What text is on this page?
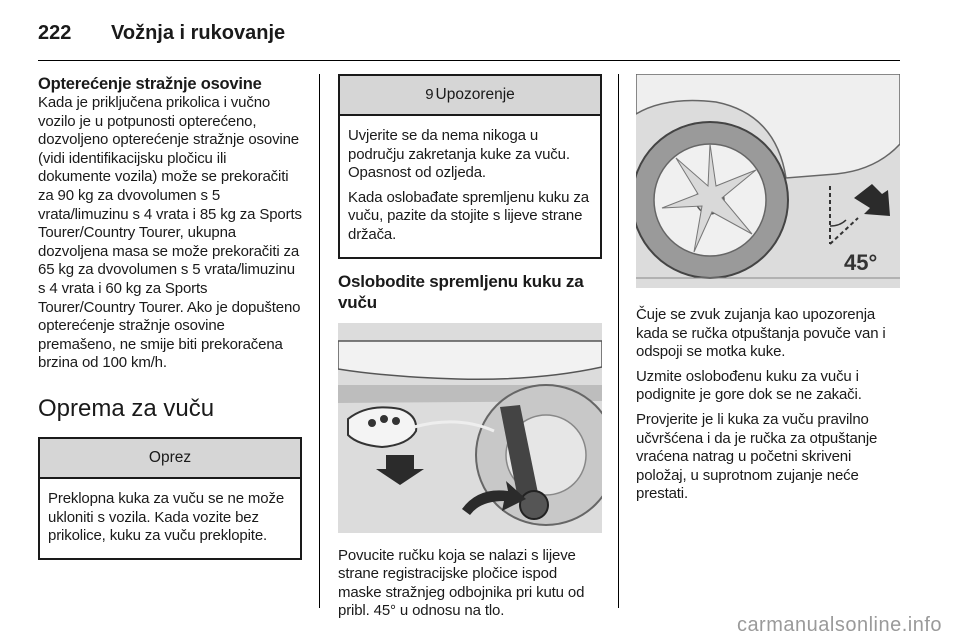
222 Vožnja i rukovanje
Opterećenje stražnje osovine
Kada je priključena prikolica i vučno vozilo je u potpunosti opterećeno, dozvoljeno opterećenje stražnje osovine (vidi identifikacijsku pločicu ili dokumente vozila) može se prekoračiti za 90 kg za dvovolumen s 5 vrata/limuzinu s 4 vrata i 85 kg za Sports Tourer/Country Tourer, ukupna dozvoljena masa se može prekoračiti za 65 kg za dvovolumen s 5 vrata/limuzinu s 4 vrata i 60 kg za Sports Tourer/Country Tourer. Ako je dopušteno opterećenje stražnje osovine premašeno, ne smije biti prekoračena brzina od 100 km/h.
Oprema za vuču
Oprez
Preklopna kuka za vuču se ne može ukloniti s vozila. Kada vozite bez prikolice, kuku za vuču preklopite.
9 Upozorenje

Uvjerite se da nema nikoga u području zakretanja kuke za vuču. Opasnost od ozljeda.

Kada oslobađate spremljenu kuku za vuču, pazite da stojite s lijeve strane držača.

Oslobodite spremljenu kuku za vuču
Povucite ručku koja se nalazi s lijeve strane registracijske pločice ispod maske stražnjeg odbojnika pri kutu od pribl. 45° u odnosu na tlo.
45°
Čuje se zvuk zujanja kao upozorenja kada se ručka otpuštanja povuče van i odspoji se motka kuke.
Uzmite oslobođenu kuku za vuču i podignite je gore dok se ne zakači.
Provjerite je li kuka za vuču pravilno učvršćena i da je ručka za otpuštanje vraćena natrag u početni skriveni položaj, u suprotnom zujanje neće prestati.
carmanualsonline.info
